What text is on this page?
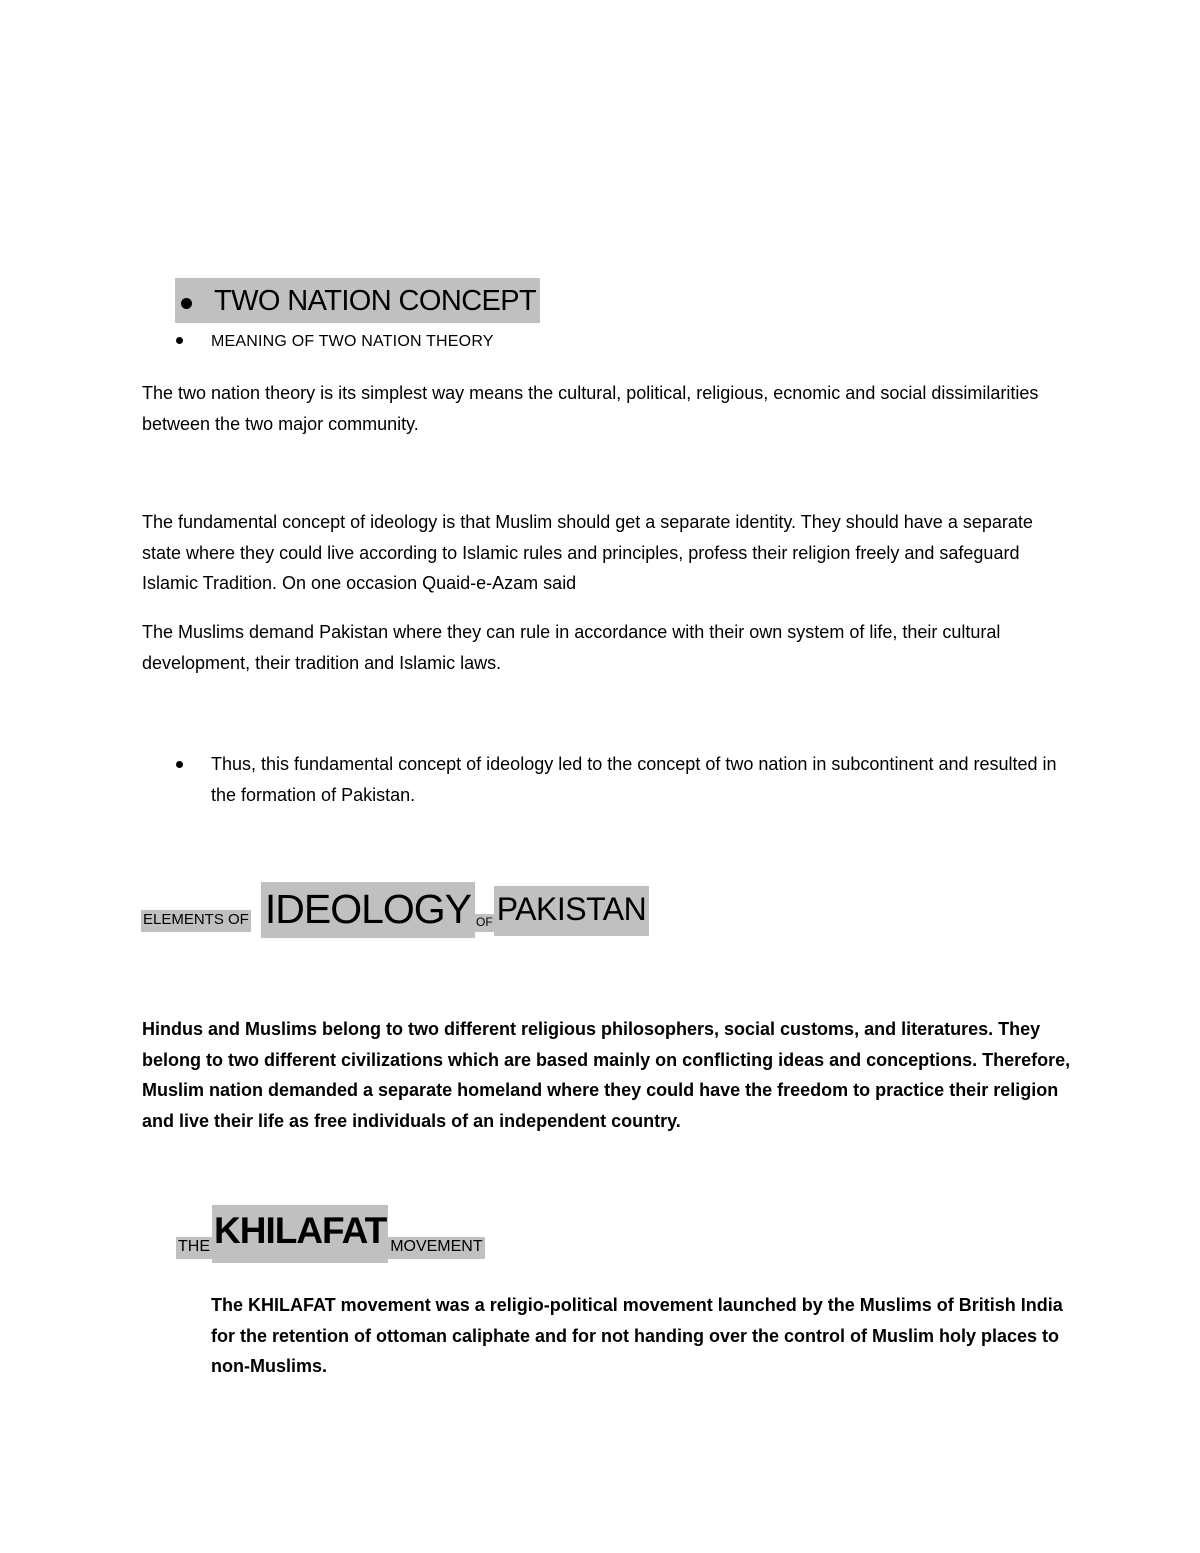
TWO NATION CONCEPT
MEANING OF TWO NATION THEORY
The two nation theory is its simplest way means the cultural, political, religious, ecnomic and social dissimilarities between the two major community.
The fundamental concept of ideology is that Muslim should get a separate identity. They should have a separate state where they could live according to Islamic rules and principles, profess their religion freely and safeguard Islamic Tradition. On one occasion Quaid-e-Azam said
The Muslims demand Pakistan where they can rule in accordance with their own system of life, their cultural development, their tradition and Islamic laws.
Thus, this fundamental concept of ideology led to the concept of two nation in subcontinent and resulted in the formation of Pakistan.
ELEMENTS OF IDEOLOGY OF PAKISTAN
Hindus and Muslims belong to two different religious philosophers, social customs, and literatures. They belong to two different civilizations which are based mainly on conflicting ideas and conceptions. Therefore, Muslim nation demanded a separate homeland where they could have the freedom to practice their religion and live their life as free individuals of an independent country.
THE KHILAFAT MOVEMENT
The KHILAFAT movement was a religio-political movement launched by the Muslims of British India for the retention of ottoman caliphate and for not handing over the control of Muslim holy places to non-Muslims.
